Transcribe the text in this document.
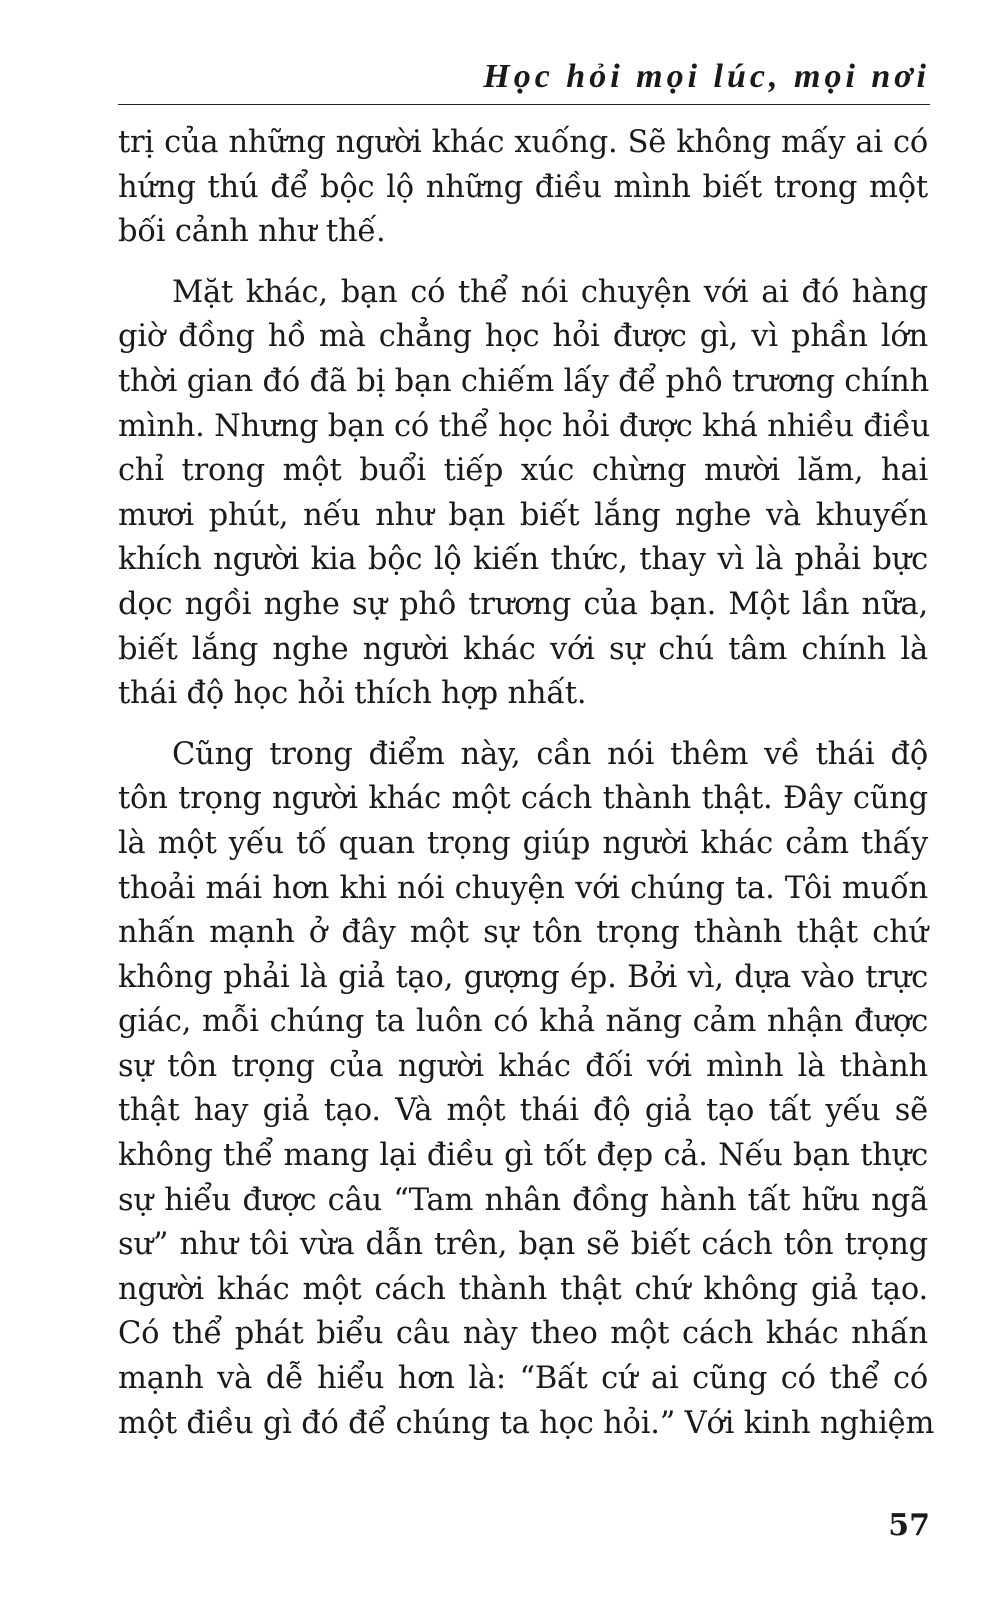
Học hỏi mọi lúc, mọi nơi
trị của những người khác xuống. Sẽ không mấy ai có
hứng thú để bộc lộ những điều mình biết trong một
bối cảnh như thế.
Mặt khác, bạn có thể nói chuyện với ai đó hàng
giờ đồng hồ mà chẳng học hỏi được gì, vì phần lớn
thời gian đó đã bị bạn chiếm lấy để phô trương chính
mình. Nhưng bạn có thể học hỏi được khá nhiều điều
chỉ trong một buổi tiếp xúc chừng mười lăm, hai
mươi phút, nếu như bạn biết lắng nghe và khuyến
khích người kia bộc lộ kiến thức, thay vì là phải bực
dọc ngồi nghe sự phô trương của bạn. Một lần nữa,
biết lắng nghe người khác với sự chú tâm chính là
thái độ học hỏi thích hợp nhất.
Cũng trong điểm này, cần nói thêm về thái độ
tôn trọng người khác một cách thành thật. Đây cũng
là một yếu tố quan trọng giúp người khác cảm thấy
thoải mái hơn khi nói chuyện với chúng ta. Tôi muốn
nhấn mạnh ở đây một sự tôn trọng thành thật chứ
không phải là giả tạo, gượng ép. Bởi vì, dựa vào trực
giác, mỗi chúng ta luôn có khả năng cảm nhận được
sự tôn trọng của người khác đối với mình là thành
thật hay giả tạo. Và một thái độ giả tạo tất yếu sẽ
không thể mang lại điều gì tốt đẹp cả. Nếu bạn thực
sự hiểu được câu “Tam nhân đồng hành tất hữu ngã
sư” như tôi vừa dẫn trên, bạn sẽ biết cách tôn trọng
người khác một cách thành thật chứ không giả tạo.
Có thể phát biểu câu này theo một cách khác nhấn
mạnh và dễ hiểu hơn là: “Bất cứ ai cũng có thể có
một điều gì đó để chúng ta học hỏi.” Với kinh nghiệm
57
